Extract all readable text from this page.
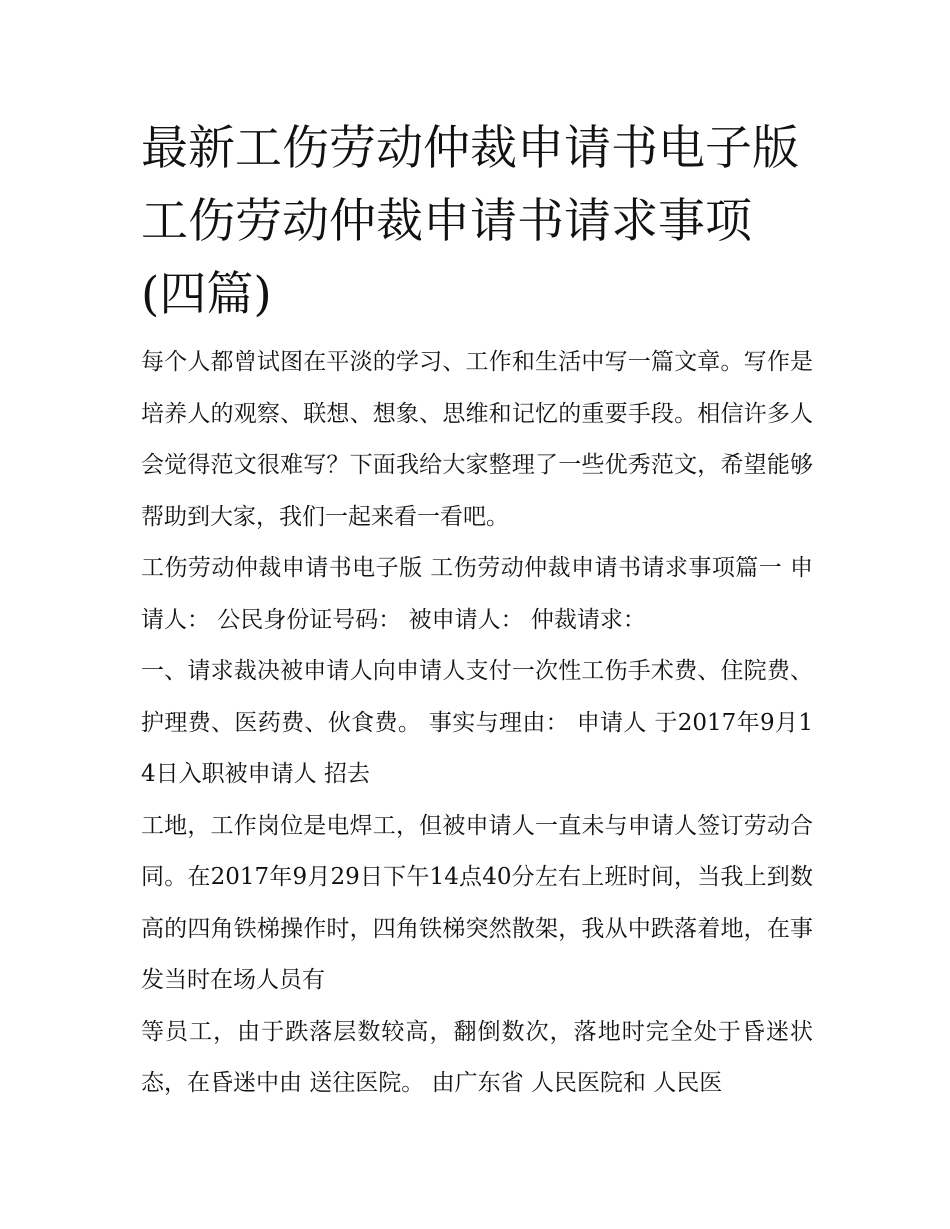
最新工伤劳动仲裁申请书电子版 工伤劳动仲裁申请书请求事项(四篇)

每个人都曾试图在平淡的学习、工作和生活中写一篇文章。写作是培养人的观察、联想、想象、思维和记忆的重要手段。相信许多人会觉得范文很难写？下面我给大家整理了一些优秀范文，希望能够帮助到大家，我们一起来看一看吧。

工伤劳动仲裁申请书电子版 工伤劳动仲裁申请书请求事项篇一 申请人： 公民身份证号码： 被申请人： 仲裁请求：

一、请求裁决被申请人向申请人支付一次性工伤手术费、住院费、护理费、医药费、伙食费。 事实与理由： 申请人 于2017年9月14日入职被申请人 招去

工地，工作岗位是电焊工，但被申请人一直未与申请人签订劳动合同。在2017年9月29日下午14点40分左右上班时间，当我上到数高的四角铁梯操作时，四角铁梯突然散架，我从中跌落着地，在事发当时在场人员有

等员工，由于跌落层数较高，翻倒数次，落地时完全处于昏迷状态，在昏迷中由 送往医院。 由广东省 人民医院和 人民医
